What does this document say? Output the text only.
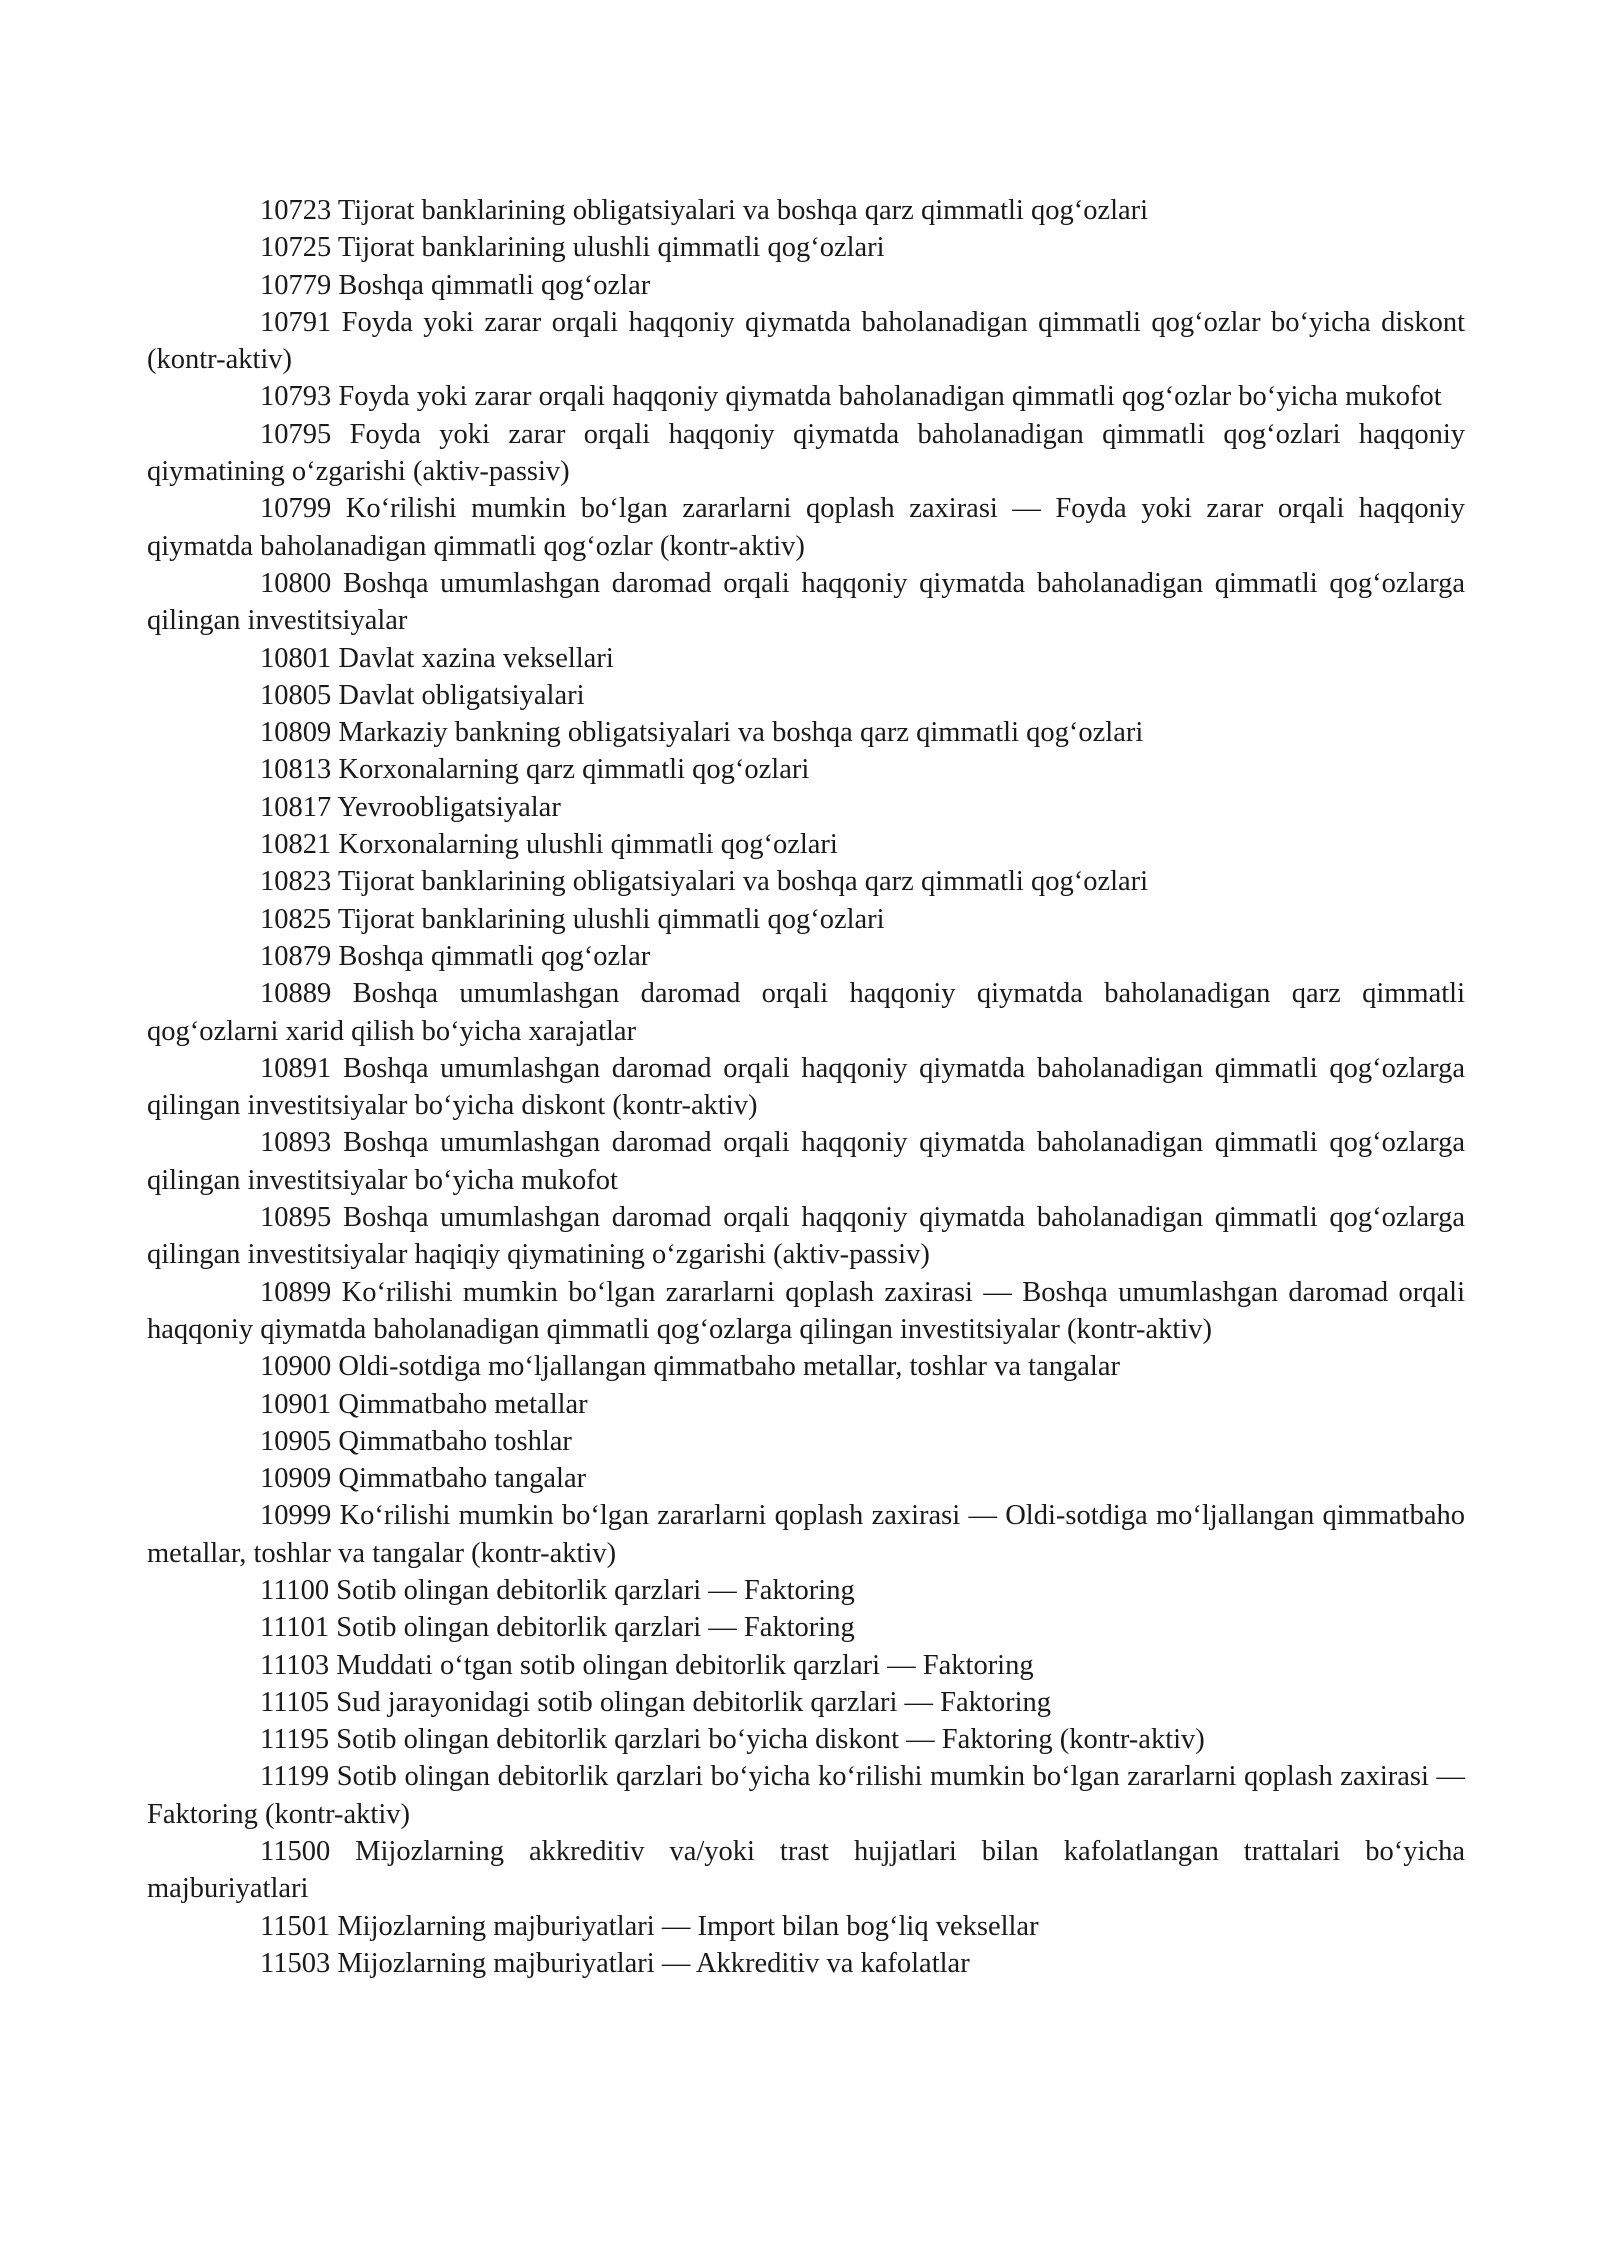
10723 Tijorat banklarining obligatsiyalari va boshqa qarz qimmatli qog‘ozlari

10725 Tijorat banklarining ulushli qimmatli qog‘ozlari

10779 Boshqa qimmatli qog‘ozlar

10791 Foyda yoki zarar orqali haqqoniy qiymatda baholanadigan qimmatli qog‘ozlar bo‘yicha diskont (kontr-aktiv)

10793 Foyda yoki zarar orqali haqqoniy qiymatda baholanadigan qimmatli qog‘ozlar bo‘yicha mukofot

10795 Foyda yoki zarar orqali haqqoniy qiymatda baholanadigan qimmatli qog‘ozlari haqqoniy qiymatining o‘zgarishi (aktiv-passiv)

10799 Ko‘rilishi mumkin bo‘lgan zararlarni qoplash zaxirasi — Foyda yoki zarar orqali haqqoniy qiymatda baholanadigan qimmatli qog‘ozlar (kontr-aktiv)

10800 Boshqa umumlashgan daromad orqali haqqoniy qiymatda baholanadigan qimmatli qog‘ozlarga qilingan investitsiyalar

10801 Davlat xazina veksellari

10805 Davlat obligatsiyalari

10809 Markaziy bankning obligatsiyalari va boshqa qarz qimmatli qog‘ozlari

10813 Korxonalarning qarz qimmatli qog‘ozlari

10817 Yevroobligatsiyalar

10821 Korxonalarning ulushli qimmatli qog‘ozlari

10823 Tijorat banklarining obligatsiyalari va boshqa qarz qimmatli qog‘ozlari

10825 Tijorat banklarining ulushli qimmatli qog‘ozlari

10879 Boshqa qimmatli qog‘ozlar

10889 Boshqa umumlashgan daromad orqali haqqoniy qiymatda baholanadigan qarz qimmatli qog‘ozlarni xarid qilish bo‘yicha xarajatlar

10891 Boshqa umumlashgan daromad orqali haqqoniy qiymatda baholanadigan qimmatli qog‘ozlarga qilingan investitsiyalar bo‘yicha diskont (kontr-aktiv)

10893 Boshqa umumlashgan daromad orqali haqqoniy qiymatda baholanadigan qimmatli qog‘ozlarga qilingan investitsiyalar bo‘yicha mukofot

10895 Boshqa umumlashgan daromad orqali haqqoniy qiymatda baholanadigan qimmatli qog‘ozlarga qilingan investitsiyalar haqiqiy qiymatining o‘zgarishi (aktiv-passiv)

10899 Ko‘rilishi mumkin bo‘lgan zararlarni qoplash zaxirasi — Boshqa umumlashgan daromad orqali haqqoniy qiymatda baholanadigan qimmatli qog‘ozlarga qilingan investitsiyalar (kontr-aktiv)

10900 Oldi-sotdiga mo‘ljallangan qimmatbaho metallar, toshlar va tangalar

10901 Qimmatbaho metallar

10905 Qimmatbaho toshlar

10909 Qimmatbaho tangalar

10999 Ko‘rilishi mumkin bo‘lgan zararlarni qoplash zaxirasi — Oldi-sotdiga mo‘ljallangan qimmatbaho metallar, toshlar va tangalar (kontr-aktiv)

11100 Sotib olingan debitorlik qarzlari — Faktoring

11101 Sotib olingan debitorlik qarzlari — Faktoring

11103 Muddati o‘tgan sotib olingan debitorlik qarzlari — Faktoring

11105 Sud jarayonidagi sotib olingan debitorlik qarzlari — Faktoring

11195 Sotib olingan debitorlik qarzlari bo‘yicha diskont — Faktoring (kontr-aktiv)

11199 Sotib olingan debitorlik qarzlari bo‘yicha ko‘rilishi mumkin bo‘lgan zararlarni qoplash zaxirasi — Faktoring (kontr-aktiv)

11500 Mijozlarning akkreditiv va/yoki trast hujjatlari bilan kafolatlangan trattalari bo‘yicha majburiyatlari

11501 Mijozlarning majburiyatlari — Import bilan bog‘liq veksellar

11503 Mijozlarning majburiyatlari — Akkreditiv va kafolatlar
